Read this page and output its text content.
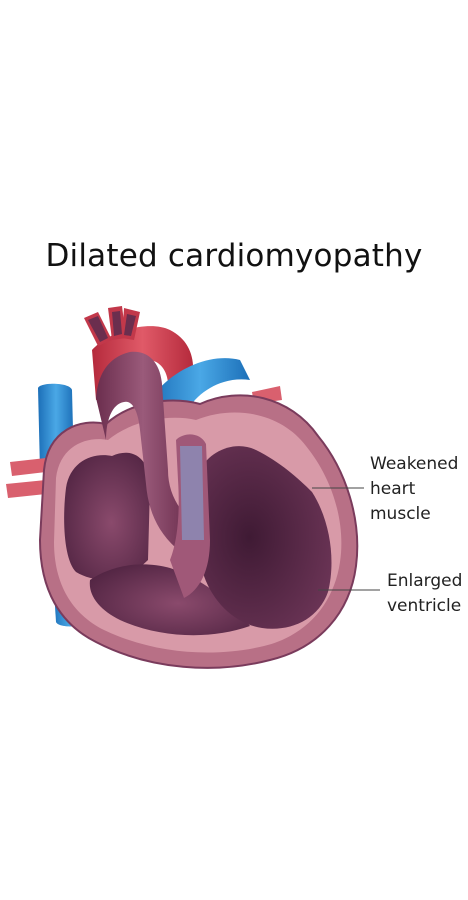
Dilated cardiomyopathy
Weakened
heart
muscle
Enlarged
ventricle
